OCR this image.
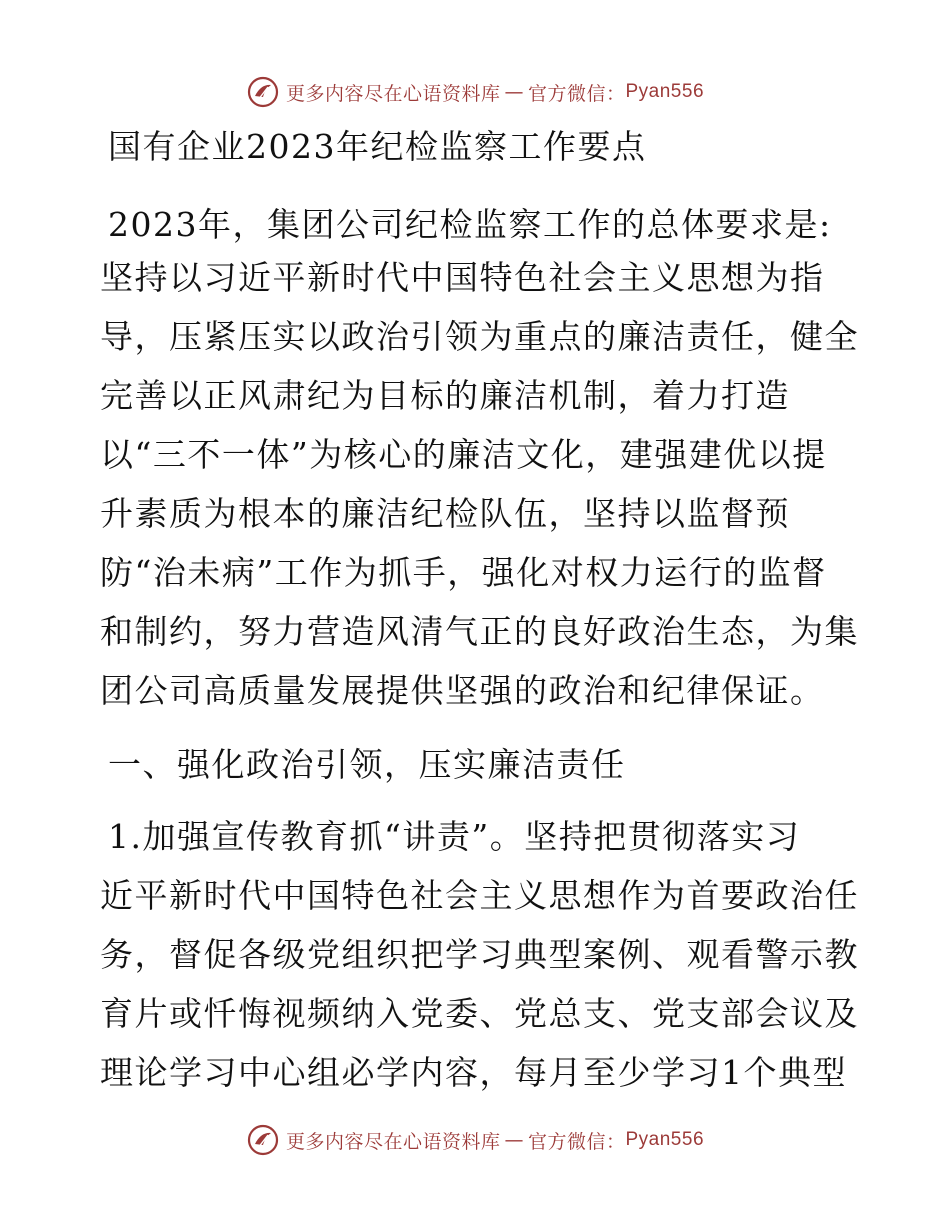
更多内容尽在心语资料库 — 官方微信： Pyan556
国有企业2023年纪检监察工作要点
2023年，集团公司纪检监察工作的总体要求是:
坚持以习近平新时代中国特色社会主义思想为指
导，压紧压实以政治引领为重点的廉洁责任，健全
完善以正风肃纪为目标的廉洁机制，着力打造
以“三不一体”为核心的廉洁文化，建强建优以提
升素质为根本的廉洁纪检队伍，坚持以监督预
防“治未病”工作为抓手，强化对权力运行的监督
和制约，努力营造风清气正的良好政治生态，为集
团公司高质量发展提供坚强的政治和纪律保证。
一、强化政治引领，压实廉洁责任
1.加强宣传教育抓“讲责”。坚持把贯彻落实习
近平新时代中国特色社会主义思想作为首要政治任
务，督促各级党组织把学习典型案例、观看警示教
育片或忏悔视频纳入党委、党总支、党支部会议及
理论学习中心组必学内容，每月至少学习1个典型
更多内容尽在心语资料库 — 官方微信： Pyan556
